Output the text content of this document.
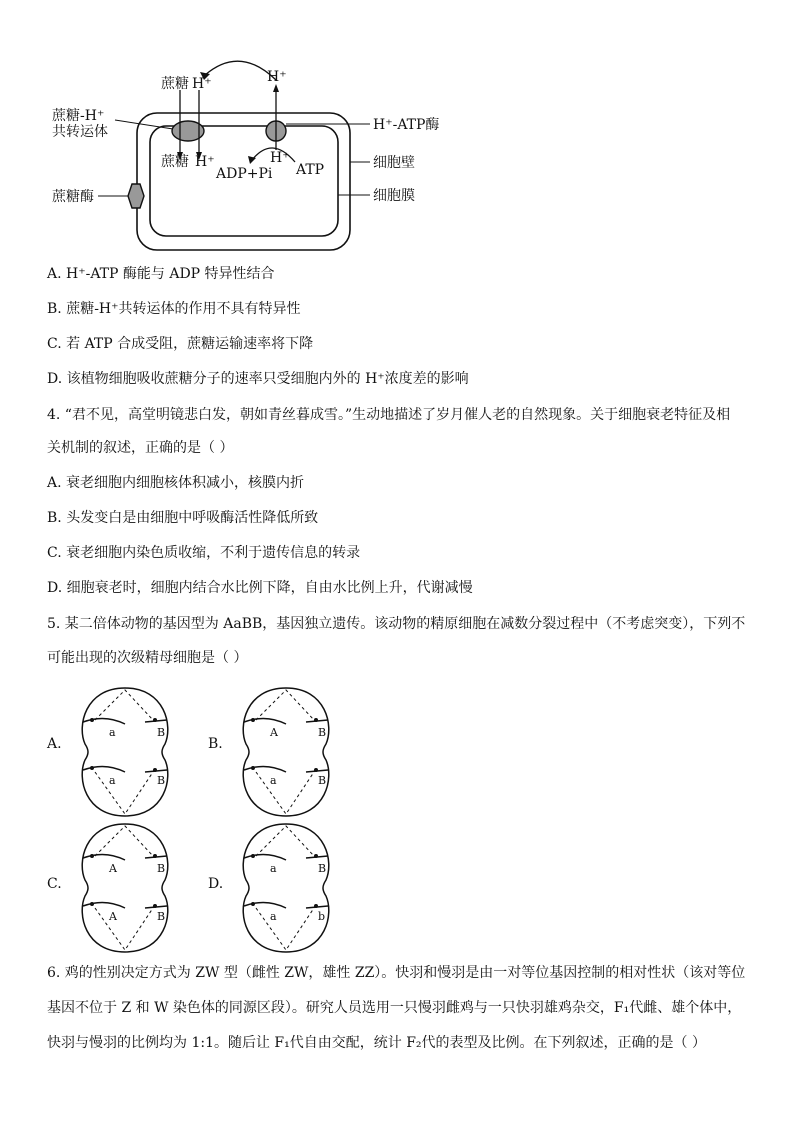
蔗糖 H⁺	H⁺
蔗糖-H⁺
共转运体	H⁺-ATP酶
细胞壁
细胞膜
蔗糖酶
蔗糖 H⁺	H⁺
ADP+Pi ATP
A. H⁺-ATP 酶能与 ADP 特异性结合
B. 蔗糖-H⁺共转运体的作用不具有特异性
C. 若 ATP 合成受阻，蔗糖运输速率将下降
D. 该植物细胞吸收蔗糖分子的速率只受细胞内外的 H⁺浓度差的影响
4. “君不见，高堂明镜悲白发，朝如青丝暮成雪。”生动地描述了岁月催人老的自然现象。关于细胞衰老特征及相
关机制的叙述，正确的是（ ）
A. 衰老细胞内细胞核体积减小，核膜内折
B. 头发变白是由细胞中呼吸酶活性降低所致
C. 衰老细胞内染色质收缩，不利于遗传信息的转录
D. 细胞衰老时，细胞内结合水比例下降，自由水比例上升，代谢减慢
5. 某二倍体动物的基因型为 AaBB，基因独立遗传。该动物的精原细胞在减数分裂过程中（不考虑突变），下列不
可能出现的次级精母细胞是（ ）
A.
a	B
a	B
B.
A	B
a	B
C.
A	B
A	B
D.
a	B
a	b
6. 鸡的性别决定方式为 ZW 型（雌性 ZW，雄性 ZZ）。快羽和慢羽是由一对等位基因控制的相对性状（该对等位
基因不位于 Z 和 W 染色体的同源区段）。研究人员选用一只慢羽雌鸡与一只快羽雄鸡杂交，F₁代雌、雄个体中，
快羽与慢羽的比例均为 1:1。随后让 F₁代自由交配，统计 F₂代的表型及比例。在下列叙述，正确的是（ ）
